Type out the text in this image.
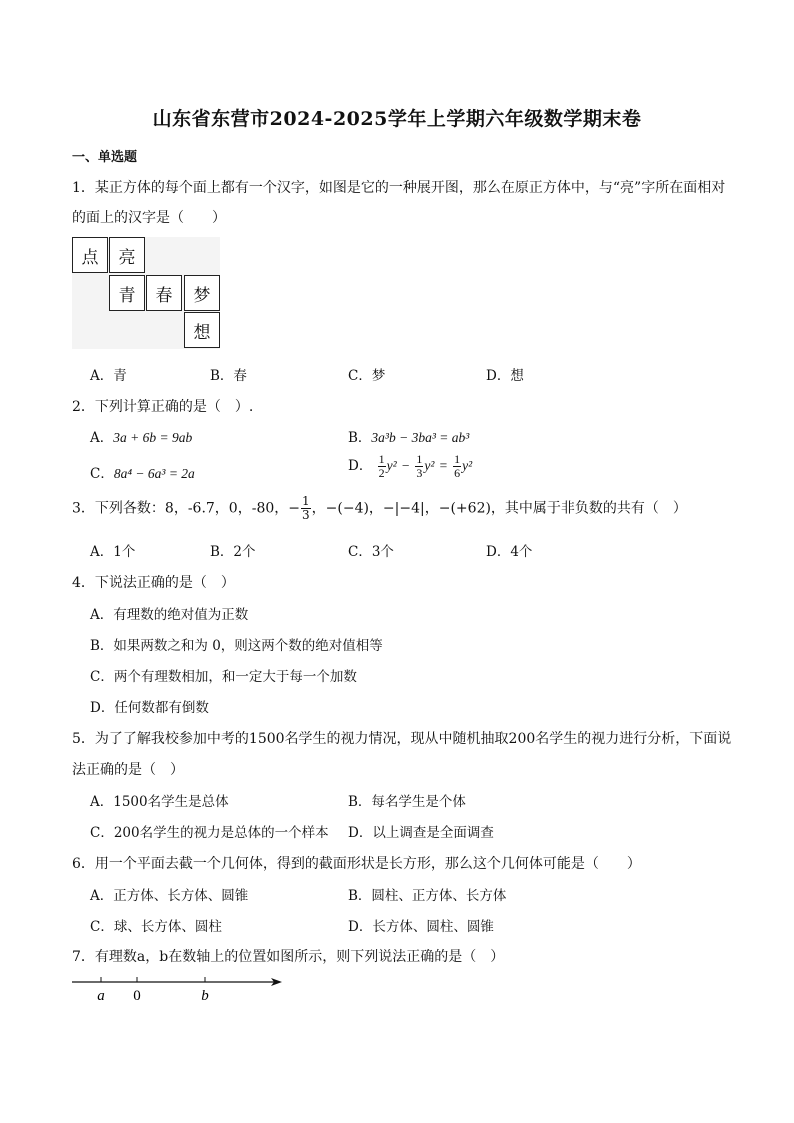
山东省东营市2024-2025学年上学期六年级数学期末卷
一、单选题
1．某正方体的每个面上都有一个汉字，如图是它的一种展开图，那么在原正方体中，与“亮”字所在面相对
的面上的汉字是（　　）
点	亮
青	春	梦
想
A．青	B．春	C．梦	D．想
2．下列计算正确的是（　）.
A．3a + 6b = 9ab	B．3a³b − 3ba³ = ab³
C．8a⁴ − 6a³ = 2a	D． $\frac{1}{2} y^2 - \frac{1}{3} y^2 = \frac{1}{6} y^2$
3．下列各数：8，-6.7，0，-80，− $\frac{1}{3}$ ，−(−4)，−|−4|，−(+62)，其中属于非负数的共有（　）
A．1个	B．2个	C．3个	D．4个
4．下说法正确的是（　）
A．有理数的绝对值为正数
B．如果两数之和为 0，则这两个数的绝对值相等
C．两个有理数相加，和一定大于每一个加数
D．任何数都有倒数
5．为了了解我校参加中考的1500名学生的视力情况，现从中随机抽取200名学生的视力进行分析，下面说
法正确的是（　）
A．1500名学生是总体	B．每名学生是个体
C．200名学生的视力是总体的一个样本 D．以上调查是全面调查
6．用一个平面去截一个几何体，得到的截面形状是长方形，那么这个几何体可能是（　　）
A．正方体、长方体、圆锥	B．圆柱、正方体、长方体
C．球、长方体、圆柱	D．长方体、圆柱、圆锥
7．有理数a，b在数轴上的位置如图所示，则下列说法正确的是（　）
a 0	b
